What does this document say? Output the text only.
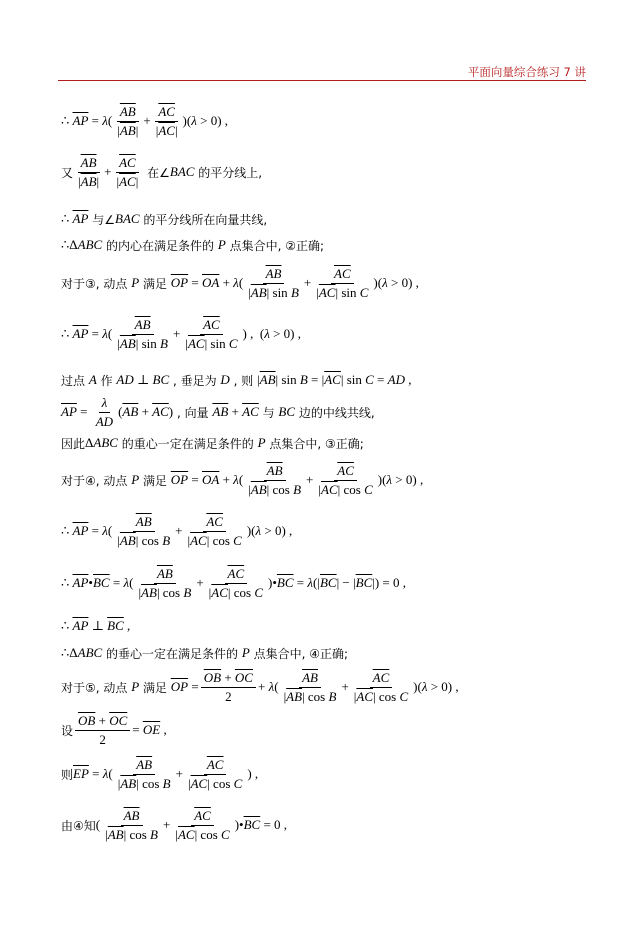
平面向量综合练习 7 讲
∴ $\overline{AP} = \lambda$ ( $\frac{\overline{AB}}{|\overline{AB}|} + \frac{\overline{AC}}{|\overline{AC}|}$ )( λ > 0) ,
又 $\frac{\overline{AB}}{|\overline{AB}|} + \frac{\overline{AC}}{|\overline{AC}|}$ 在∠ BAC 的平分线上,
∴ $\overline{AP}$ 与∠ BAC 的平分线所在向量共线,
∴Δ ABC 的内心在满足条件的 P 点集合中, ②正确;
对于③, 动点 P 满足 $\overline{OP} = \overline{OA} + \lambda$ ( $\frac{\overline{AB}}{|\overline{AB}| \sin B} + \frac{\overline{AC}}{|\overline{AC}| \sin C}$ )( λ > 0) ,
∴ $\overline{AP} = \lambda$ ( $\frac{\overline{AB}}{|\overline{AB}| \sin B} + \frac{\overline{AC}}{|\overline{AC}| \sin C}$ ) ,  ( λ > 0) ,
过点 A 作 AD ⊥ BC , 垂足为 D , 则 | $\overline{AB}$ | sin B = | $\overline{AC}$ | sin C = AD ,
$\overline{AP} = \frac{\lambda}{AD}$ ( $\overline{AB} + \overline{AC}$ ) , 向量 $\overline{AB} + \overline{AC}$ 与 BC 边的中线共线,
因此 Δ ABC 的重心一定在满足条件的 P 点集合中, ③正确;
对于④, 动点 P 满足 $\overline{OP} = \overline{OA} + \lambda$ ( $\frac{\overline{AB}}{|\overline{AB}| \cos B} + \frac{\overline{AC}}{|\overline{AC}| \cos C}$ )( λ > 0) ,
∴ $\overline{AP} = \lambda$ ( $\frac{\overline{AB}}{|\overline{AB}| \cos B} + \frac{\overline{AC}}{|\overline{AC}| \cos C}$ )( λ > 0) ,
∴ $\overline{AP}$ • $\overline{BC} = \lambda$ ( $\frac{\overline{AB}}{|\overline{AB}| \cos B} + \frac{\overline{AC}}{|\overline{AC}| \cos C}$ )• $\overline{BC} = \lambda$ (| $\overline{BC}$ | − | $\overline{BC}$ |) = 0 ,
∴ $\overline{AP}$ ⊥ $\overline{BC}$ ,
∴Δ ABC 的垂心一定在满足条件的 P 点集合中, ④正确;
对于⑤, 动点 P 满足 $\overline{OP} = \frac{\overline{OB} + \overline{OC}}{2} + \lambda$ ( $\frac{\overline{AB}}{|\overline{AB}| \cos B} + \frac{\overline{AC}}{|\overline{AC}| \cos C}$ )( λ > 0) ,
设 $\frac{\overline{OB} + \overline{OC}}{2} = \overline{OE}$ ,
则 $\overline{EP} = \lambda$ ( $\frac{\overline{AB}}{|\overline{AB}| \cos B} + \frac{\overline{AC}}{|\overline{AC}| \cos C}$ ) ,
由④知 ( $\frac{\overline{AB}}{|\overline{AB}| \cos B} + \frac{\overline{AC}}{|\overline{AC}| \cos C}$ )• $\overline{BC} = 0$ ,
